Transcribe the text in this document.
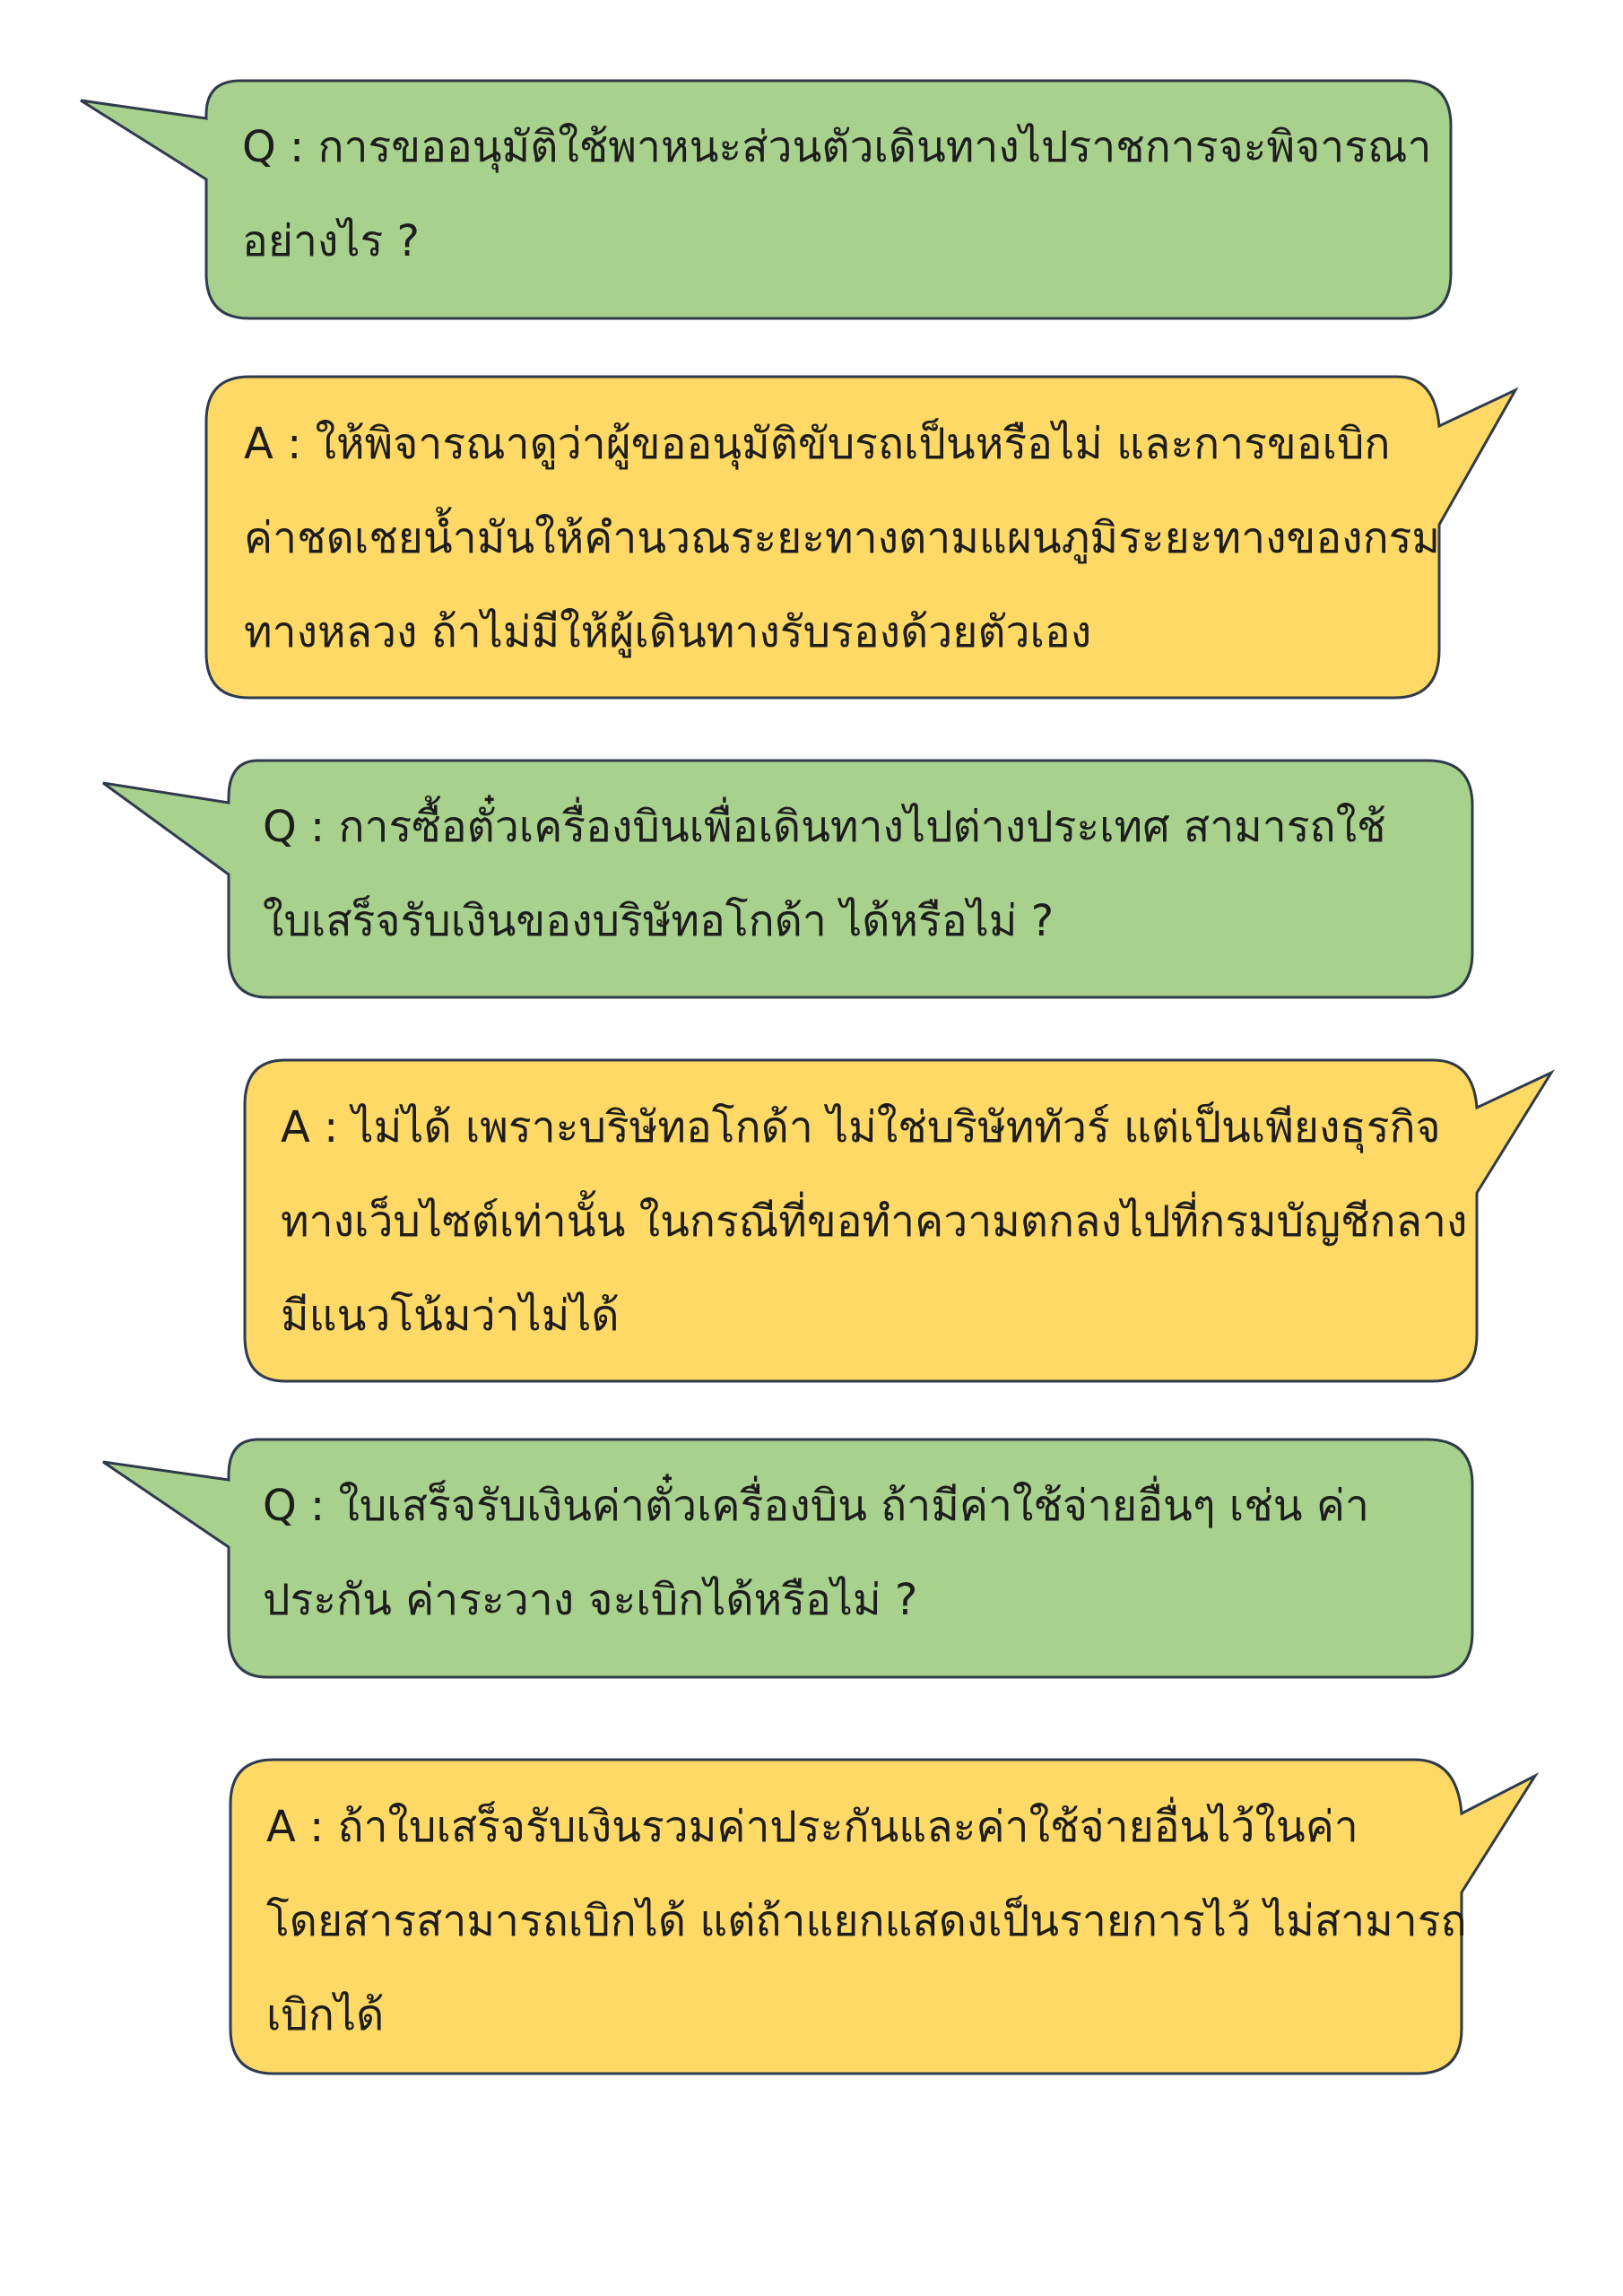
Q : การขออนุมัติใช้พาหนะส่วนตัวเดินทางไปราชการจะพิจารณา
อย่างไร ?
A : ให้พิจารณาดูว่าผู้ขออนุมัติขับรถเป็นหรือไม่ และการขอเบิก
ค่าชดเชยน้ำมันให้คำนวณระยะทางตามแผนภูมิระยะทางของกรม
ทางหลวง ถ้าไม่มีให้ผู้เดินทางรับรองด้วยตัวเอง
Q : การซื้อตั๋วเครื่องบินเพื่อเดินทางไปต่างประเทศ สามารถใช้
ใบเสร็จรับเงินของบริษัทอโกด้า ได้หรือไม่ ?
A : ไม่ได้ เพราะบริษัทอโกด้า ไม่ใช่บริษัททัวร์ แต่เป็นเพียงธุรกิจ
ทางเว็บไซต์เท่านั้น ในกรณีที่ขอทำความตกลงไปที่กรมบัญชีกลาง
มีแนวโน้มว่าไม่ได้
Q : ใบเสร็จรับเงินค่าตั๋วเครื่องบิน ถ้ามีค่าใช้จ่ายอื่นๆ เช่น ค่า
ประกัน ค่าระวาง จะเบิกได้หรือไม่ ?
A : ถ้าใบเสร็จรับเงินรวมค่าประกันและค่าใช้จ่ายอื่นไว้ในค่า
โดยสารสามารถเบิกได้ แต่ถ้าแยกแสดงเป็นรายการไว้ ไม่สามารถ
เบิกได้
